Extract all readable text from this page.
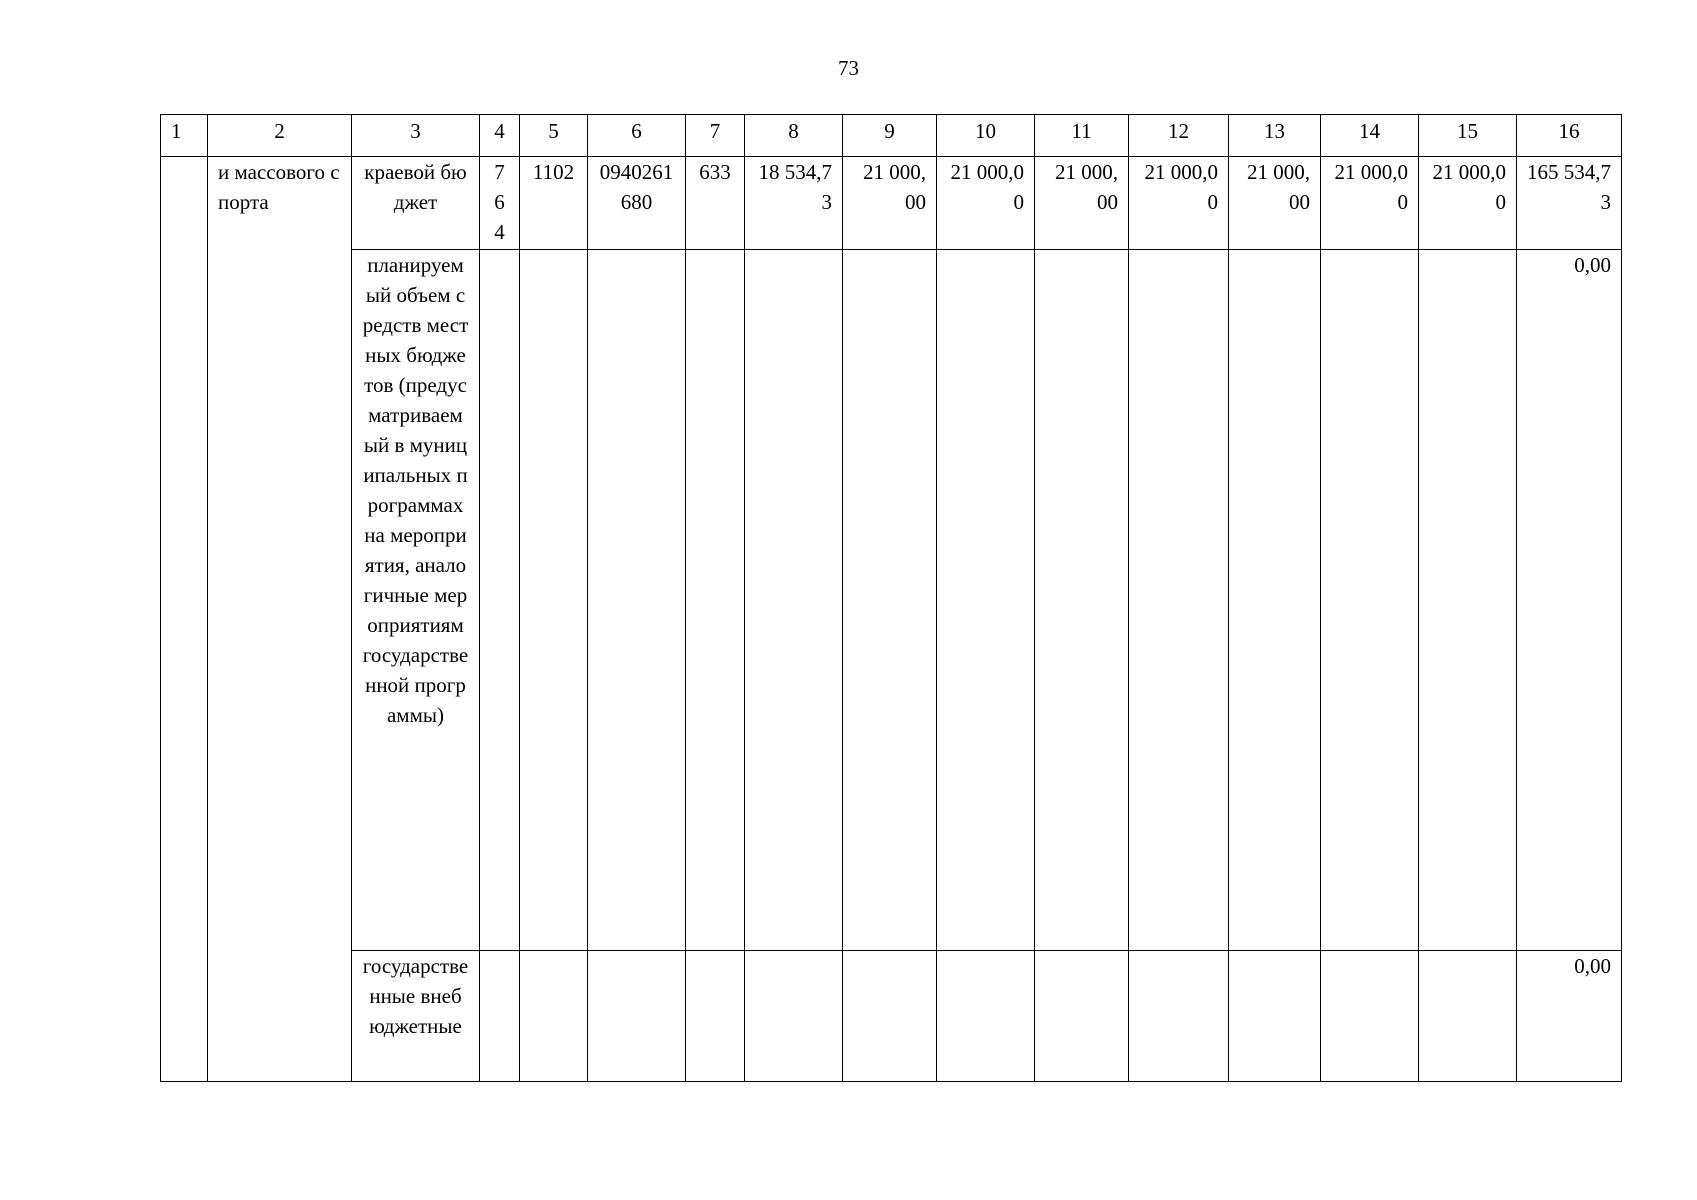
73
1	2	3	4	5	6	7	8	9	10	11	12	13	14	15	16
	и массового спорта	краевой бюджет	764	1102	0940261680	633	18 534,73	21 000,00	21 000,00	21 000,00	21 000,00	21 000,00	21 000,00	21 000,00	165 534,73
		планируемый объем средств местных бюджетов (предусматриваемый в муниципальных программах на мероприятия, аналогичные мероприятиям государственной программы)													0,00
		государственные внебюджетные													0,00
